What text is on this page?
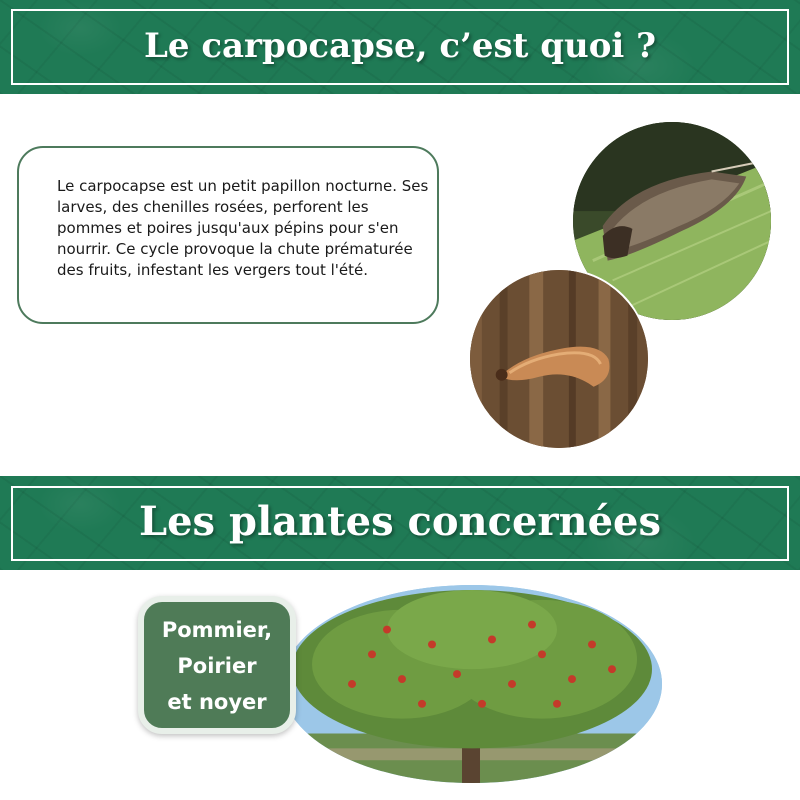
Le carpocapse, c’est quoi ?

Le carpocapse est un petit papillon nocturne. Ses larves, des chenilles rosées, perforent les pommes et poires jusqu'aux pépins pour s'en nourrir. Ce cycle provoque la chute prématurée des fruits, infestant les vergers tout l'été.

Les plantes concernées
Pommier,
Poirier
et noyer
